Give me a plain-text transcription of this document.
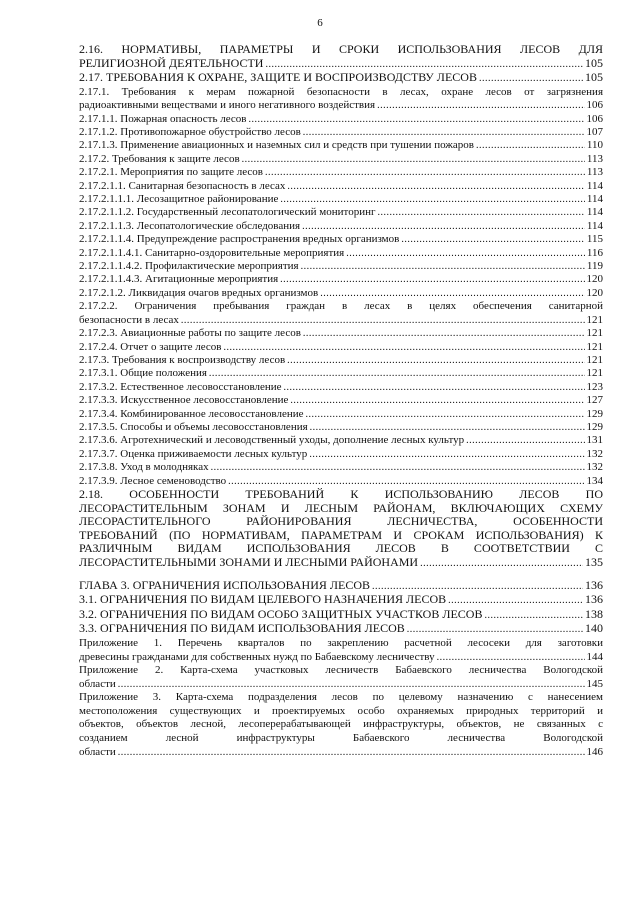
6
2.16. НОРМАТИВЫ, ПАРАМЕТРЫ И СРОКИ ИСПОЛЬЗОВАНИЯ ЛЕСОВ ДЛЯ
РЕЛИГИОЗНОЙ ДЕЯТЕЛЬНОСТИ .....	105
2.17. ТРЕБОВАНИЯ К ОХРАНЕ, ЗАЩИТЕ И ВОСПРОИЗВОДСТВУ ЛЕСОВ .....	105
2.17.1. Требования к мерам пожарной безопасности в лесах, охране лесов от загрязнения
радиоактивными веществами и иного негативного воздействия .....	106
2.17.1.1. Пожарная опасность лесов .....	106
2.17.1.2. Противопожарное обустройство лесов .....	107
2.17.1.3. Применение авиационных и наземных сил и средств при тушении пожаров .....	110
2.17.2. Требования к защите лесов .....	113
2.17.2.1. Мероприятия по защите лесов .....	113
2.17.2.1.1. Санитарная безопасность в лесах .....	114
2.17.2.1.1.1. Лесозащитное районирование .....	114
2.17.2.1.1.2. Государственный лесопатологический мониторинг .....	114
2.17.2.1.1.3. Лесопатологические обследования .....	114
2.17.2.1.1.4. Предупреждение распространения вредных организмов .....	115
2.17.2.1.1.4.1. Санитарно-оздоровительные мероприятия .....	116
2.17.2.1.1.4.2. Профилактические мероприятия .....	119
2.17.2.1.1.4.3. Агитационные мероприятия .....	120
2.17.2.1.2. Ликвидация очагов вредных организмов .....	120
2.17.2.2. Ограничения пребывания граждан в лесах в целях обеспечения санитарной
безопасности в лесах .....	121
2.17.2.3. Авиационные работы по защите лесов .....	121
2.17.2.4. Отчет о защите лесов .....	121
2.17.3. Требования к воспроизводству лесов .....	121
2.17.3.1. Общие положения .....	121
2.17.3.2. Естественное лесовосстановление .....	123
2.17.3.3. Искусственное лесовосстановление .....	127
2.17.3.4. Комбинированное лесовосстановление .....	129
2.17.3.5. Способы и объемы лесовосстановления .....	129
2.17.3.6. Агротехнический и лесоводственный уходы, дополнение лесных культур .....	131
2.17.3.7. Оценка приживаемости лесных культур .....	132
2.17.3.8. Уход в молодняках .....	132
2.17.3.9. Лесное семеноводство .....	134
2.18. ОСОБЕННОСТИ ТРЕБОВАНИЙ К ИСПОЛЬЗОВАНИЮ ЛЕСОВ ПО
ЛЕСОРАСТИТЕЛЬНЫМ ЗОНАМ И ЛЕСНЫМ РАЙОНАМ, ВКЛЮЧАЮЩИХ СХЕМУ
ЛЕСОРАСТИТЕЛЬНОГО РАЙОНИРОВАНИЯ ЛЕСНИЧЕСТВА, ОСОБЕННОСТИ
ТРЕБОВАНИЙ (ПО НОРМАТИВАМ, ПАРАМЕТРАМ И СРОКАМ ИСПОЛЬЗОВАНИЯ) К
РАЗЛИЧНЫМ ВИДАМ ИСПОЛЬЗОВАНИЯ ЛЕСОВ В СООТВЕТСТВИИ С
ЛЕСОРАСТИТЕЛЬНЫМИ ЗОНАМИ И ЛЕСНЫМИ РАЙОНАМИ .....	135
ГЛАВА 3. ОГРАНИЧЕНИЯ ИСПОЛЬЗОВАНИЯ ЛЕСОВ .....	136
3.1. ОГРАНИЧЕНИЯ ПО ВИДАМ ЦЕЛЕВОГО НАЗНАЧЕНИЯ ЛЕСОВ .....	136
3.2. ОГРАНИЧЕНИЯ ПО ВИДАМ ОСОБО ЗАЩИТНЫХ УЧАСТКОВ ЛЕСОВ .....	138
3.3. ОГРАНИЧЕНИЯ ПО ВИДАМ ИСПОЛЬЗОВАНИЯ ЛЕСОВ .....	140
Приложение 1. Перечень кварталов по закреплению расчетной лесосеки для заготовки
древесины гражданами для собственных нужд по Бабаевскому лесничеству .....	144
Приложение 2. Карта-схема участковых лесничеств Бабаевского лесничества Вологодской
области .....	145
Приложение 3. Карта-схема подразделения лесов по целевому назначению с нанесением
местоположения существующих и проектируемых особо охраняемых природных территорий и
объектов, объектов лесной, лесоперерабатывающей инфраструктуры, объектов, не связанных с
созданием лесной инфраструктуры Бабаевского лесничества Вологодской
области .....	146
